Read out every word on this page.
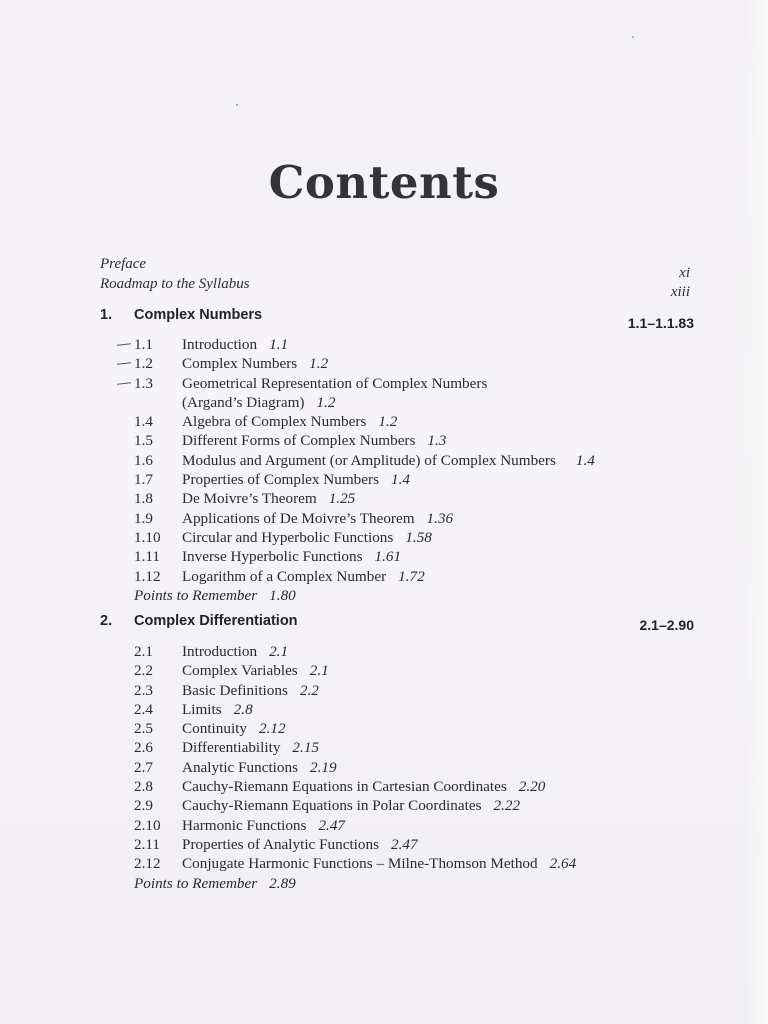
Contents
Preface
Roadmap to the Syllabus
xi
xiii
1. Complex Numbers	1.1–1.1.83
1.1 Introduction 1.1
1.2 Complex Numbers 1.2
1.3 Geometrical Representation of Complex Numbers
(Argand’s Diagram) 1.2
1.4 Algebra of Complex Numbers 1.2
1.5 Different Forms of Complex Numbers 1.3
1.6 Modulus and Argument (or Amplitude) of Complex Numbers 1.4
1.7 Properties of Complex Numbers 1.4
1.8 De Moivre’s Theorem 1.25
1.9 Applications of De Moivre’s Theorem 1.36
1.10 Circular and Hyperbolic Functions 1.58
1.11 Inverse Hyperbolic Functions 1.61
1.12 Logarithm of a Complex Number 1.72
Points to Remember 1.80
2. Complex Differentiation	2.1–2.90
2.1 Introduction 2.1
2.2 Complex Variables 2.1
2.3 Basic Definitions 2.2
2.4 Limits 2.8
2.5 Continuity 2.12
2.6 Differentiability 2.15
2.7 Analytic Functions 2.19
2.8 Cauchy-Riemann Equations in Cartesian Coordinates 2.20
2.9 Cauchy-Riemann Equations in Polar Coordinates 2.22
2.10 Harmonic Functions 2.47
2.11 Properties of Analytic Functions 2.47
2.12 Conjugate Harmonic Functions – Milne-Thomson Method 2.64
Points to Remember 2.89
